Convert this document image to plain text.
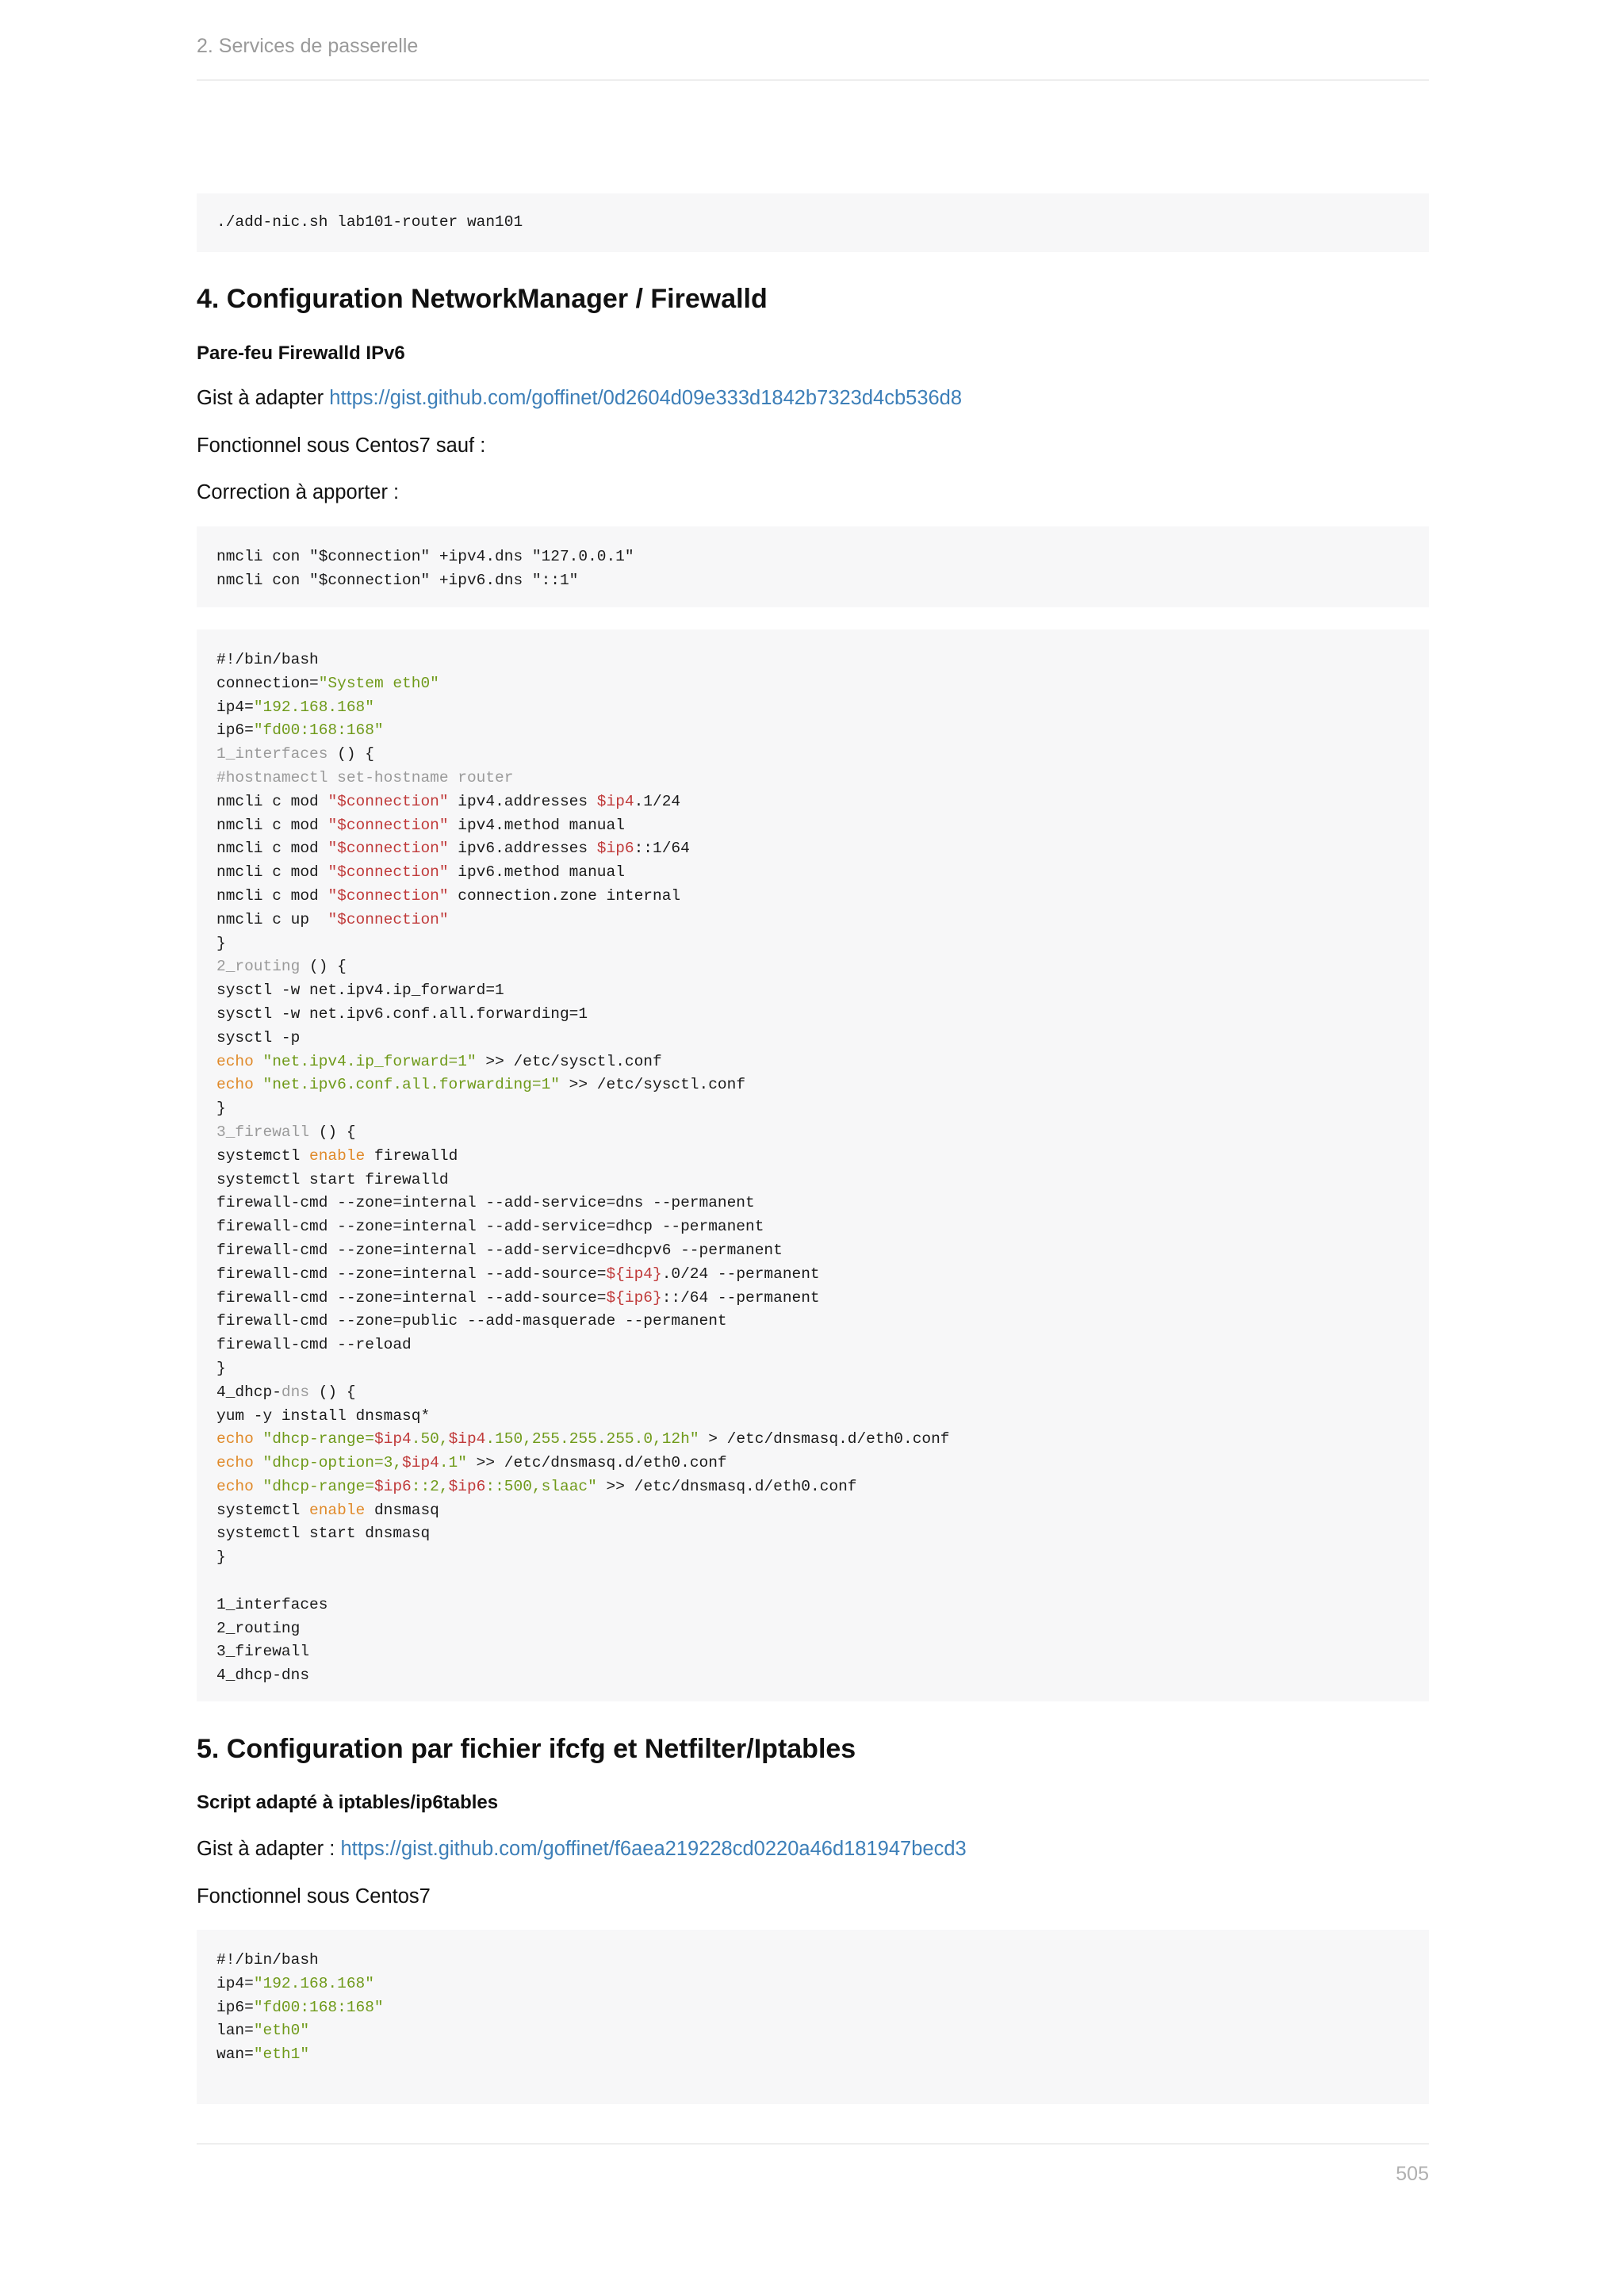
2. Services de passerelle
./add-nic.sh lab101-router wan101
4. Configuration NetworkManager / Firewalld
Pare-feu Firewalld IPv6

Gist à adapter https://gist.github.com/goffinet/0d2604d09e333d1842b7323d4cb536d8

Fonctionnel sous Centos7 sauf :

Correction à apporter :

nmcli con "$connection" +ipv4.dns "127.0.0.1"
nmcli con "$connection" +ipv6.dns "::1"
#!/bin/bash
connection="System eth0"
ip4="192.168.168"
ip6="fd00:168:168"
1_interfaces () {
#hostnamectl set-hostname router
nmcli c mod "$connection" ipv4.addresses $ip4.1/24
nmcli c mod "$connection" ipv4.method manual
nmcli c mod "$connection" ipv6.addresses $ip6::1/64
nmcli c mod "$connection" ipv6.method manual
nmcli c mod "$connection" connection.zone internal
nmcli c up  "$connection"
}
2_routing () {
sysctl -w net.ipv4.ip_forward=1
sysctl -w net.ipv6.conf.all.forwarding=1
sysctl -p
echo "net.ipv4.ip_forward=1" >> /etc/sysctl.conf
echo "net.ipv6.conf.all.forwarding=1" >> /etc/sysctl.conf
}
3_firewall () {
systemctl enable firewalld
systemctl start firewalld
firewall-cmd --zone=internal --add-service=dns --permanent
firewall-cmd --zone=internal --add-service=dhcp --permanent
firewall-cmd --zone=internal --add-service=dhcpv6 --permanent
firewall-cmd --zone=internal --add-source=${ip4}.0/24 --permanent
firewall-cmd --zone=internal --add-source=${ip6}::/64 --permanent
firewall-cmd --zone=public --add-masquerade --permanent
firewall-cmd --reload
}
4_dhcp-dns () {
yum -y install dnsmasq*
echo "dhcp-range=$ip4.50,$ip4.150,255.255.255.0,12h" > /etc/dnsmasq.d/eth0.conf
echo "dhcp-option=3,$ip4.1" >> /etc/dnsmasq.d/eth0.conf
echo "dhcp-range=$ip6::2,$ip6::500,slaac" >> /etc/dnsmasq.d/eth0.conf
systemctl enable dnsmasq
systemctl start dnsmasq
}
1_interfaces
2_routing
3_firewall
4_dhcp-dns
5. Configuration par fichier ifcfg et Netfilter/Iptables
Script adapté à iptables/ip6tables

Gist à adapter : https://gist.github.com/goffinet/f6aea219228cd0220a46d181947becd3

Fonctionnel sous Centos7

#!/bin/bash
ip4="192.168.168"
ip6="fd00:168:168"
lan="eth0"
wan="eth1"
505
